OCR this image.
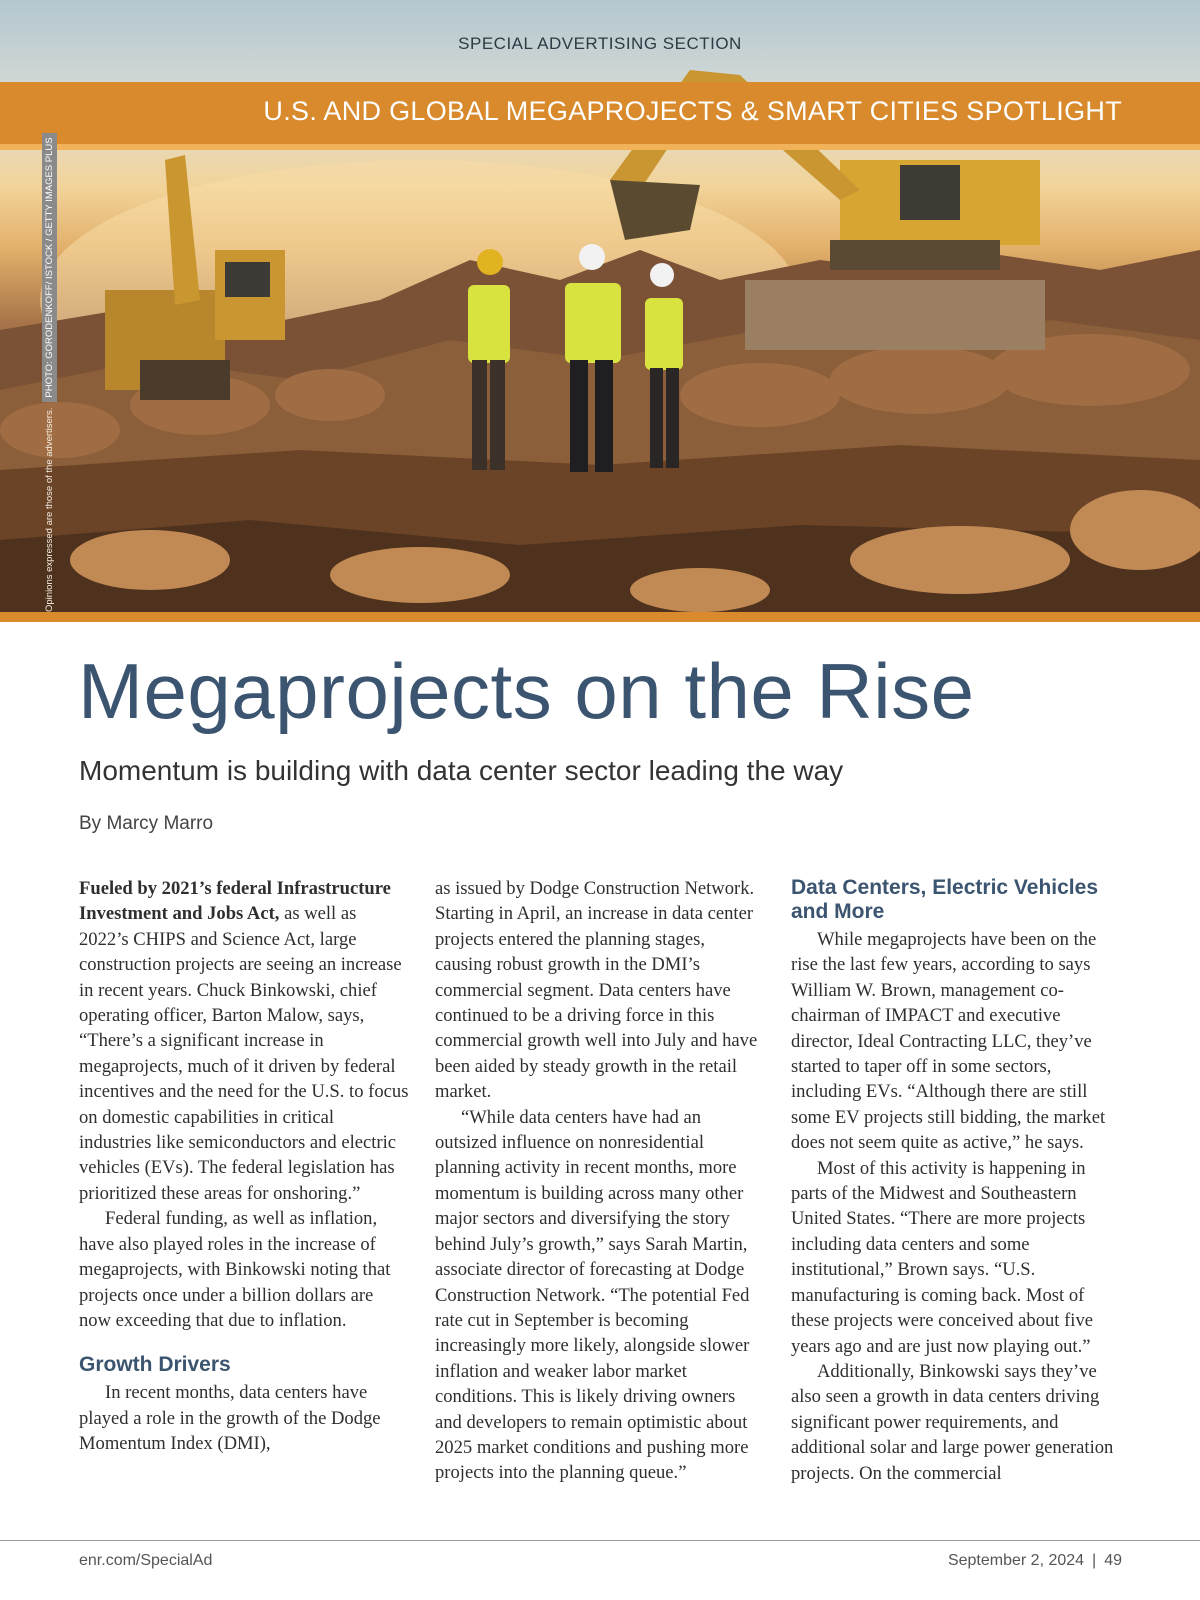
SPECIAL ADVERTISING SECTION
U.S. AND GLOBAL MEGAPROJECTS & SMART CITIES SPOTLIGHT
Opinions expressed are those of the advertisers.
PHOTO: GORODENKOFF/ ISTOCK / GETTY IMAGES PLUS
Megaprojects on the Rise
Momentum is building with data center sector leading the way
By Marcy Marro

Fueled by 2021’s federal Infrastructure Investment and Jobs Act, as well as 2022’s CHIPS and Science Act, large construction projects are seeing an increase in recent years. Chuck Binkowski, chief operating officer, Barton Malow, says, “There’s a significant increase in megaprojects, much of it driven by federal incentives and the need for the U.S. to focus on domestic capabilities in critical industries like semiconductors and electric vehicles (EVs). The federal legislation has prioritized these areas for onshoring.”

Federal funding, as well as inflation, have also played roles in the increase of megaprojects, with Binkowski noting that projects once under a billion dollars are now exceeding that due to inflation.

Growth Drivers

In recent months, data centers have played a role in the growth of the Dodge Momentum Index (DMI),

as issued by Dodge Construction Network. Starting in April, an increase in data center projects entered the planning stages, causing robust growth in the DMI’s commercial segment. Data centers have continued to be a driving force in this commercial growth well into July and have been aided by steady growth in the retail market.

“While data centers have had an outsized influence on nonresidential planning activity in recent months, more momentum is building across many other major sectors and diversifying the story behind July’s growth,” says Sarah Martin, associate director of forecasting at Dodge Construction Network. “The potential Fed rate cut in September is becoming increasingly more likely, alongside slower inflation and weaker labor market conditions. This is likely driving owners and developers to remain optimistic about 2025 market conditions and pushing more projects into the planning queue.”

Data Centers, Electric Vehicles and More

While megaprojects have been on the rise the last few years, according to says William W. Brown, management co-chairman of IMPACT and executive director, Ideal Contracting LLC, they’ve started to taper off in some sectors, including EVs. “Although there are still some EV projects still bidding, the market does not seem quite as active,” he says.

Most of this activity is happening in parts of the Midwest and Southeastern United States. “There are more projects including data centers and some institutional,” Brown says. “U.S. manufacturing is coming back. Most of these projects were conceived about five years ago and are just now playing out.”

Additionally, Binkowski says they’ve also seen a growth in data centers driving significant power requirements, and additional solar and large power generation projects. On the commercial

enr.com/SpecialAd	September 2, 2024 | 49
